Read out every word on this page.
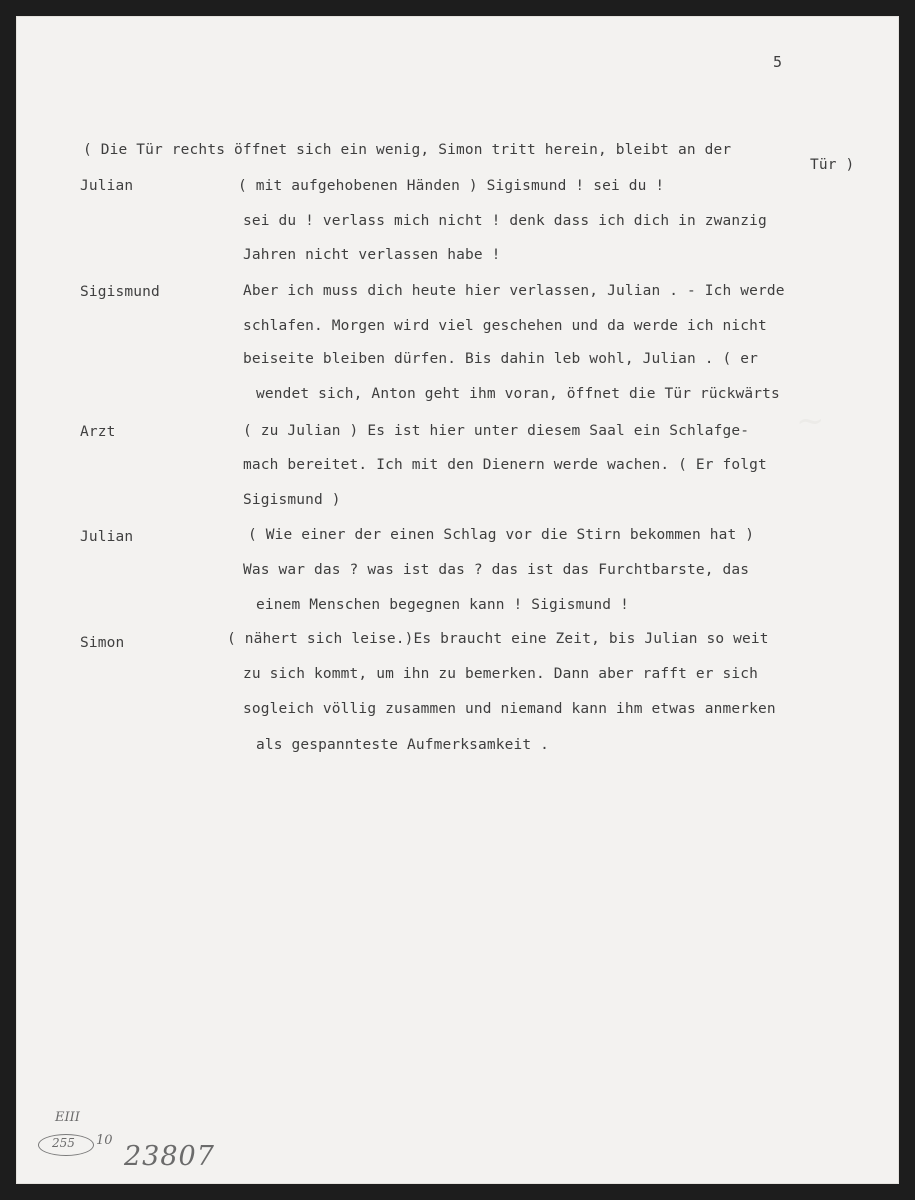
~
5
( Die Tür rechts öffnet sich ein wenig, Simon tritt herein, bleibt an der
Tür )
Julian	( mit aufgehobenen Händen ) Sigismund ! sei du !
sei du ! verlass mich nicht ! denk dass ich dich in zwanzig
Jahren nicht verlassen habe !
Sigismund	Aber ich muss dich heute hier verlassen, Julian . - Ich werde
schlafen. Morgen wird viel geschehen und da werde ich nicht
beiseite bleiben dürfen. Bis dahin leb wohl, Julian . ( er
wendet sich, Anton geht ihm voran, öffnet die Tür rückwärts
Arzt	( zu Julian ) Es ist hier unter diesem Saal ein Schlafge-
mach bereitet. Ich mit den Dienern werde wachen. ( Er folgt
Sigismund )
Julian	( Wie einer der einen Schlag vor die Stirn bekommen hat )
Was war das ? was ist das ? das ist das Furchtbarste, das
einem Menschen begegnen kann ! Sigismund !
Simon	( nähert sich leise.)Es braucht eine Zeit, bis Julian so weit
zu sich kommt, um ihn zu bemerken. Dann aber rafft er sich
sogleich völlig zusammen und niemand kann ihm etwas anmerken
als gespannteste Aufmerksamkeit .
EIII
255 10
23807
